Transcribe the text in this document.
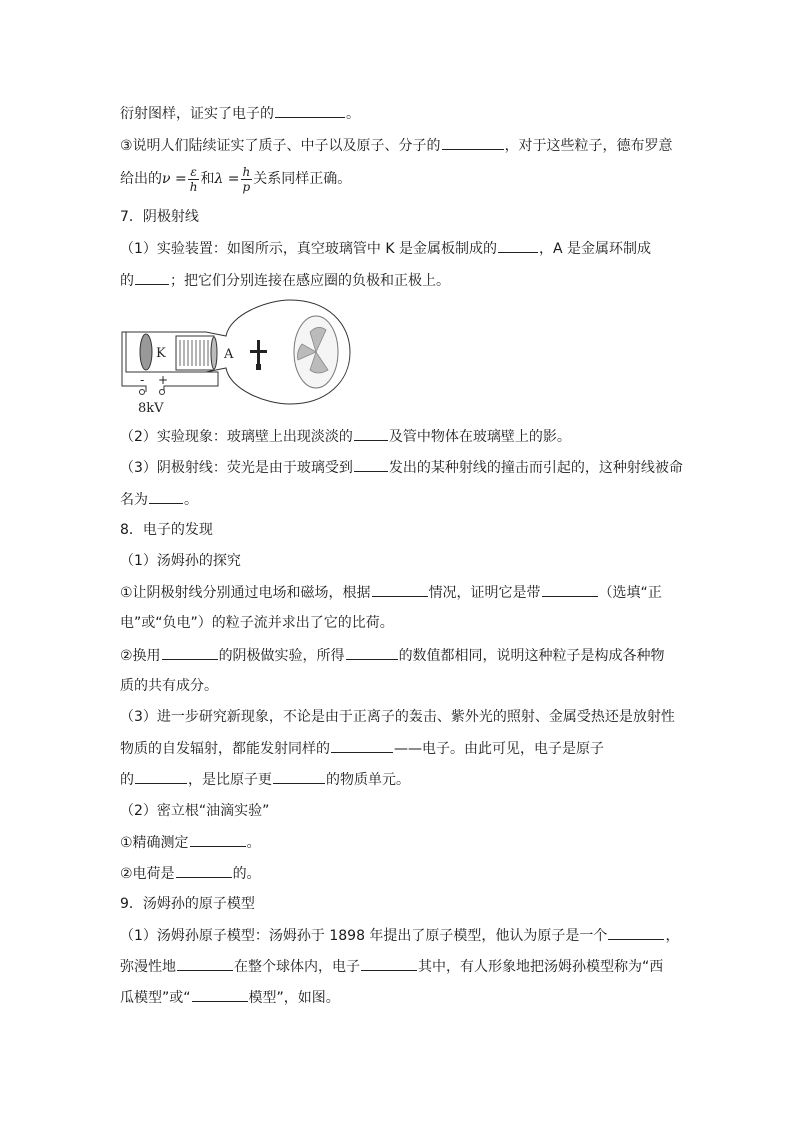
衍射图样，证实了电子的	。
③说明人们陆续证实了质子、中子以及原子、分子的	，对于这些粒子，德布罗意
给出的$\nu = \frac{\varepsilon}{h}$ 和$\lambda = \frac{h}{p}$ 关系同样正确。
7．阴极射线
（1）实验装置：如图所示，真空玻璃管中 K 是金属板制成的	，A 是金属环制成
的	；把它们分别连接在感应圈的负极和正极上。
K	A
- +
8kV
（2）实验现象：玻璃壁上出现淡淡的	及管中物体在玻璃壁上的影。
（3）阴极射线：荧光是由于玻璃受到	发出的某种射线的撞击而引起的，这种射线被命
名为	。
8．电子的发现
（1）汤姆孙的探究
①让阴极射线分别通过电场和磁场，根据	情况，证明它是带	（选填“正
电”或“负电”）的粒子流并求出了它的比荷。
②换用	的阴极做实验，所得	的数值都相同，说明这种粒子是构成各种物
质的共有成分。
（3）进一步研究新现象，不论是由于正离子的轰击、紫外光的照射、金属受热还是放射性
物质的自发辐射，都能发射同样的	——电子。由此可见，电子是原子
的	，是比原子更	的物质单元。
（2）密立根“油滴实验”
①精确测定	。
②电荷是	的。
9．汤姆孙的原子模型
（1）汤姆孙原子模型：汤姆孙于 1898 年提出了原子模型，他认为原子是一个	，
弥漫性地	在整个球体内，电子	其中，有人形象地把汤姆孙模型称为“西
瓜模型”或“	模型”，如图。
